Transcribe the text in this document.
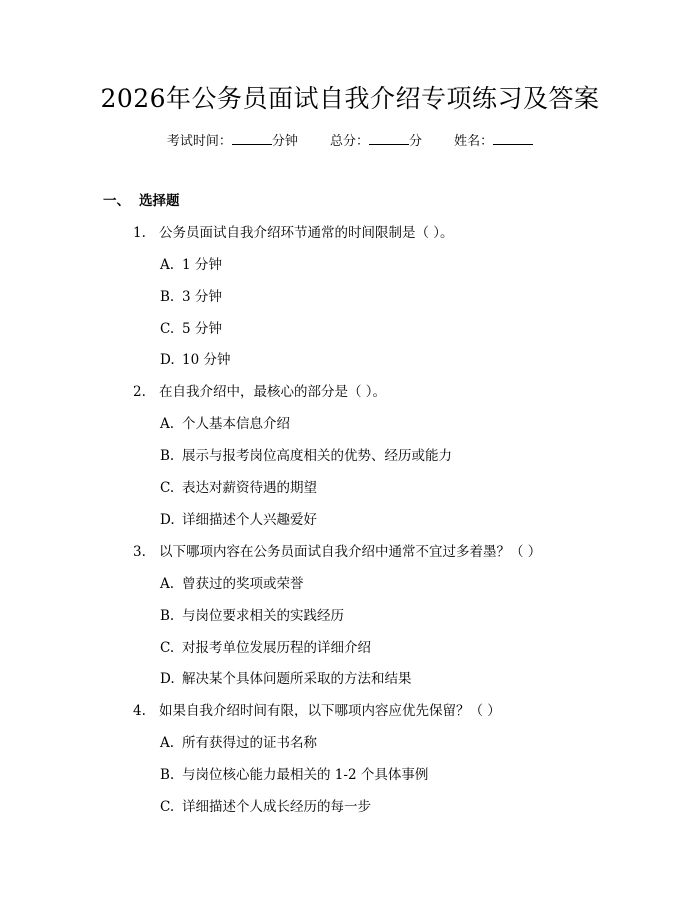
2026年公务员面试自我介绍专项练习及答案
考试时间：	分钟 总分：	分 姓名：
一、 选择题
1. 公务员面试自我介绍环节通常的时间限制是（ ）。
A. 1 分钟
B. 3 分钟
C. 5 分钟
D. 10 分钟
2. 在自我介绍中，最核心的部分是（ ）。
A. 个人基本信息介绍
B. 展示与报考岗位高度相关的优势、经历或能力
C. 表达对薪资待遇的期望
D. 详细描述个人兴趣爱好
3. 以下哪项内容在公务员面试自我介绍中通常不宜过多着墨？（ ）
A. 曾获过的奖项或荣誉
B. 与岗位要求相关的实践经历
C. 对报考单位发展历程的详细介绍
D. 解决某个具体问题所采取的方法和结果
4. 如果自我介绍时间有限，以下哪项内容应优先保留？（ ）
A. 所有获得过的证书名称
B. 与岗位核心能力最相关的 1-2 个具体事例
C. 详细描述个人成长经历的每一步
